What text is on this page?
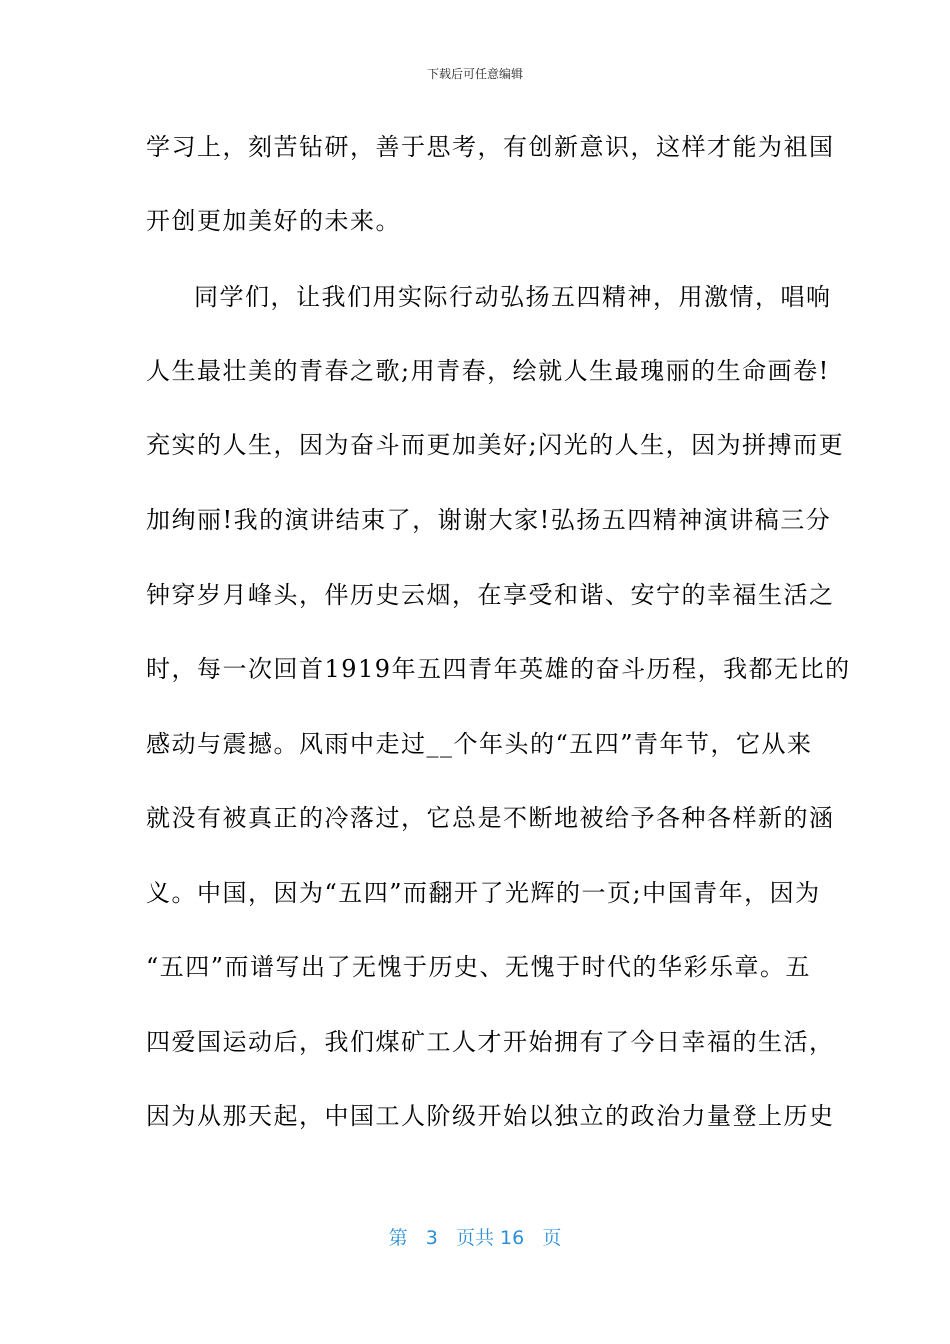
下载后可任意编辑
学习上，刻苦钻研，善于思考，有创新意识，这样才能为祖国
开创更加美好的未来。
同学们，让我们用实际行动弘扬五四精神，用激情，唱响
人生最壮美的青春之歌;用青春，绘就人生最瑰丽的生命画卷!
充实的人生，因为奋斗而更加美好;闪光的人生，因为拼搏而更
加绚丽!我的演讲结束了，谢谢大家!弘扬五四精神演讲稿三分
钟穿岁月峰头，伴历史云烟，在享受和谐、安宁的幸福生活之
时，每一次回首1919年五四青年英雄的奋斗历程，我都无比的
感动与震撼。风雨中走过__个年头的“五四”青年节，它从来
就没有被真正的冷落过，它总是不断地被给予各种各样新的涵
义。中国，因为“五四”而翻开了光辉的一页;中国青年，因为
“五四”而谱写出了无愧于历史、无愧于时代的华彩乐章。五
四爱国运动后，我们煤矿工人才开始拥有了今日幸福的生活，
因为从那天起，中国工人阶级开始以独立的政治力量登上历史
第 3 页共 16 页
